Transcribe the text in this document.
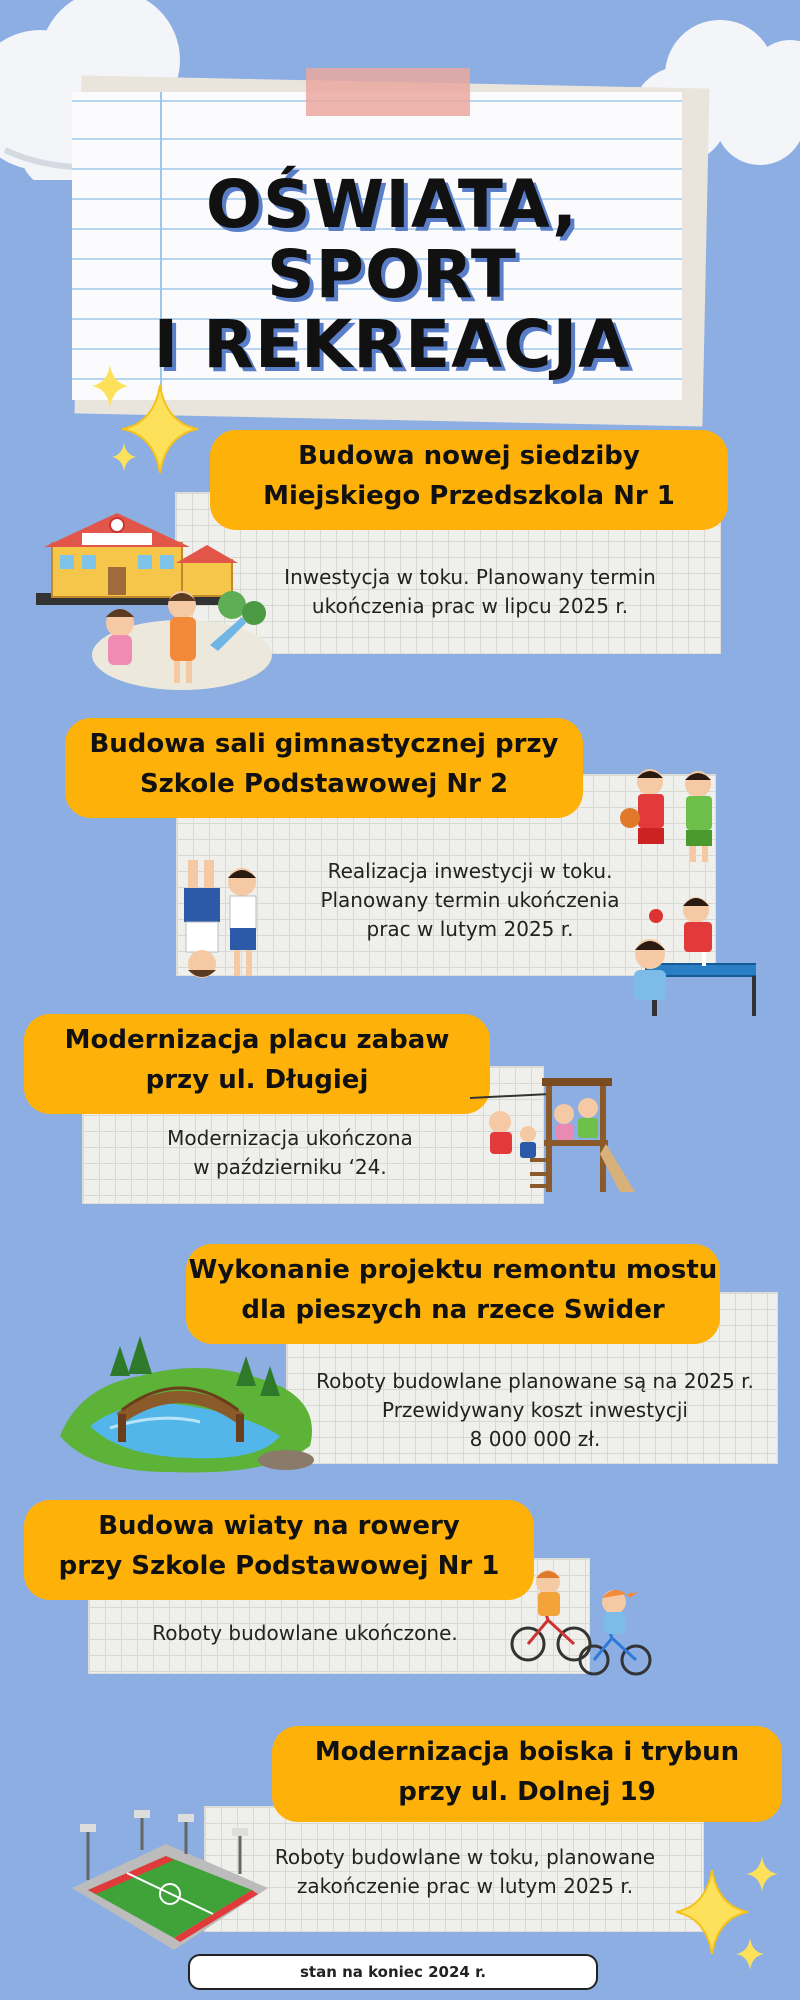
OŚWIATA, SPORT
I REKREACJA
Budowa nowej siedziby
Miejskiego Przedszkola Nr 1
Inwestycja w toku. Planowany termin
ukończenia prac w lipcu 2025 r.
Budowa sali gimnastycznej przy
Szkole Podstawowej Nr 2
Realizacja inwestycji w toku.
Planowany termin ukończenia
prac w lutym 2025 r.
Modernizacja placu zabaw
przy ul. Długiej
Modernizacja ukończona
w październiku ‘24.
Wykonanie projektu remontu mostu
dla pieszych na rzece Swider
Roboty budowlane planowane są na 2025 r.
Przewidywany koszt inwestycji
8 000 000 zł.
Budowa wiaty na rowery
przy Szkole Podstawowej Nr 1
Roboty budowlane ukończone.
Modernizacja boiska i trybun
przy ul. Dolnej 19
Roboty budowlane w toku, planowane
zakończenie prac w lutym 2025 r.
stan na koniec 2024 r.
